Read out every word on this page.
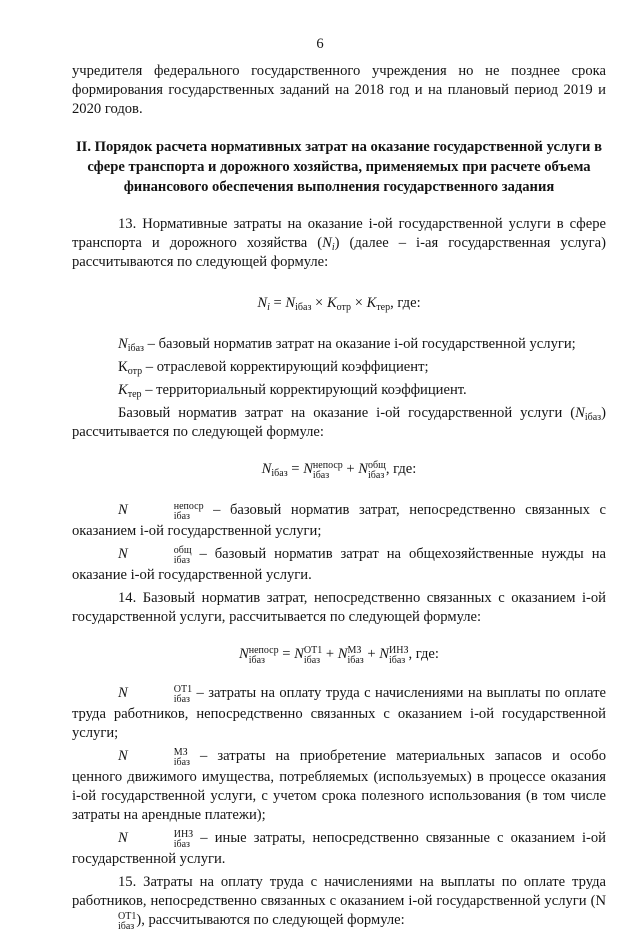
6

учредителя федерального государственного учреждения но не позднее срока формирования государственных заданий на 2018 год и на плановый период 2019 и 2020 годов.

II. Порядок расчета нормативных затрат на оказание государственной услуги в сфере транспорта и дорожного хозяйства, применяемых при расчете объема финансового обеспечения выполнения государственного задания

13. Нормативные затраты на оказание i-ой государственной услуги в сфере транспорта и дорожного хозяйства $(N_i)$ (далее – i-ая государственная услуга) рассчитываются по следующей формуле:

$N_i = N_{iбаз} \times K_{отр} \times K_{тер}$, где:

$N_{iбаз}$ – базовый норматив затрат на оказание i-ой государственной услуги;

$К_{отр}$ – отраслевой корректирующий коэффициент;

$K_{тер}$ – территориальный корректирующий коэффициент.

Базовый норматив затрат на оказание i-ой государственной услуги $(N_{iбаз})$ рассчитывается по следующей формуле:

$N_{iбаз} = N$ непоср
iбаз + N общ
iбаз , где:

N	непоср
iбаз – базовый норматив затрат, непосредственно связанных с оказанием i-ой государственной услуги;

N	общ
iбаз – базовый норматив затрат на общехозяйственные нужды на оказание i-ой государственной услуги.

14. Базовый норматив затрат, непосредственно связанных с оказанием i-ой государственной услуги, рассчитывается по следующей формуле:

N непоср
iбаз = N ОТ1
iбаз + N МЗ
iбаз + N ИНЗ
iбаз , где:

N	ОТ1
iбаз – затраты на оплату труда с начислениями на выплаты по оплате труда работников, непосредственно связанных с оказанием i-ой государственной услуги;

N	МЗ
iбаз – затраты на приобретение материальных запасов и особо ценного движимого имущества, потребляемых (используемых) в процессе оказания i-ой государственной услуги, с учетом срока полезного использования (в том числе затраты на арендные платежи);

N	ИНЗ
iбаз – иные затраты, непосредственно связанные с оказанием i-ой государственной услуги.

15. Затраты на оплату труда с начислениями на выплаты по оплате труда работников, непосредственно связанных с оказанием i-ой государственной услуги (N
ОТ1
iбаз ), рассчитываются по следующей формуле:
